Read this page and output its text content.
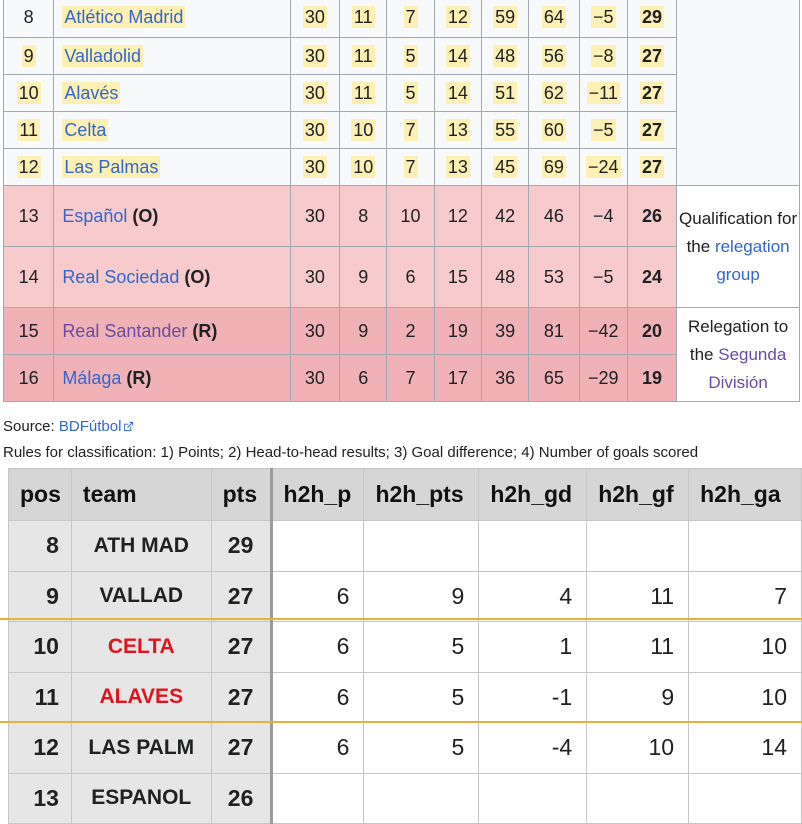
8	Atlético Madrid	30	11	7	12	59	64	−5	29	
9	Valladolid	30	11	5	14	48	56	−8	27	
10	Alavés	30	11	5	14	51	62	−11	27	
11	Celta	30	10	7	13	55	60	−5	27	
12	Las Palmas	30	10	7	13	45	69	−24	27	
13	Español (O)	30	8	10	12	42	46	−4	26	Qualification for the relegation group
14	Real Sociedad (O)	30	9	6	15	48	53	−5	24	
15	Real Santander (R)	30	9	2	19	39	81	−42	20	Relegation to the Segunda División
16	Málaga (R)	30	6	7	17	36	65	−29	19	
Source: BDFútbol
Rules for classification: 1) Points; 2) Head-to-head results; 3) Goal difference; 4) Number of goals scored
pos	team	pts	h2h_p	h2h_pts	h2h_gd	h2h_gf	h2h_ga
8	ATH MAD	29					
9	VALLAD	27	6	9	4	11	7
10	CELTA	27	6	5	1	11	10
11	ALAVES	27	6	5	-1	9	10
12	LAS PALM	27	6	5	-4	10	14
13	ESPANOL	26					
